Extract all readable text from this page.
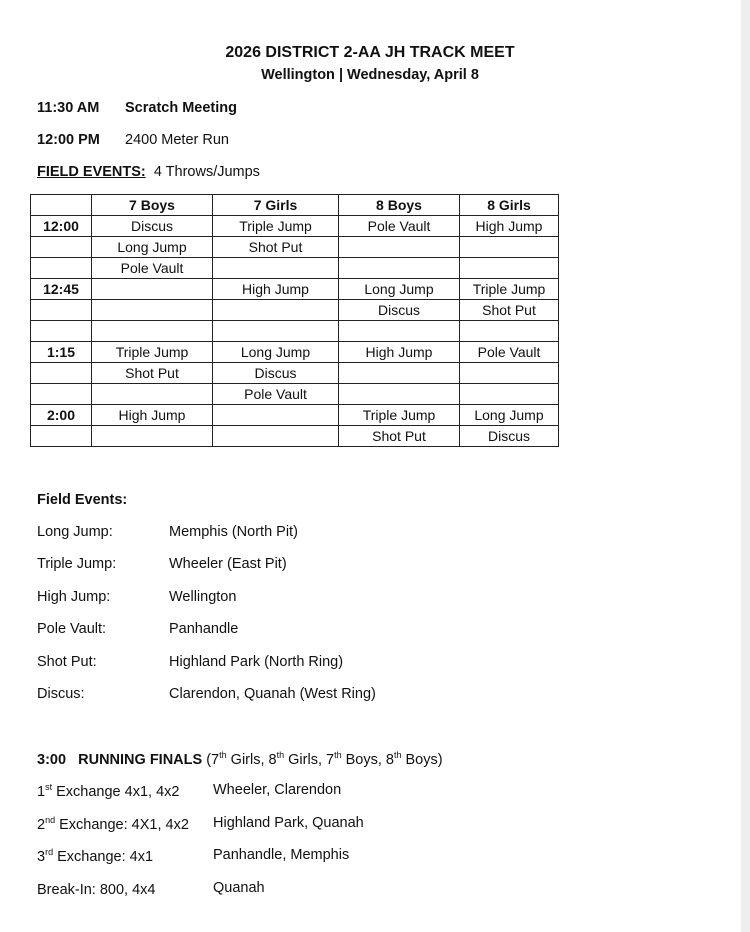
2026 DISTRICT 2-AA JH TRACK MEET
Wellington | Wednesday, April 8
11:30 AM Scratch Meeting
12:00 PM 2400 Meter Run
FIELD EVENTS: 4 Throws/Jumps
	7 Boys	7 Girls	8 Boys	8 Girls
12:00	Discus	Triple Jump	Pole Vault	High Jump
	Long Jump	Shot Put		
	Pole Vault			
12:45		High Jump	Long Jump	Triple Jump
			Discus	Shot Put

1:15	Triple Jump	Long Jump	High Jump	Pole Vault
	Shot Put	Discus		
		Pole Vault		
2:00	High Jump		Triple Jump	Long Jump
			Shot Put	Discus
Field Events:
Long Jump:	Memphis (North Pit)
Triple Jump:	Wheeler (East Pit)
High Jump:	Wellington
Pole Vault:	Panhandle
Shot Put:	Highland Park (North Ring)
Discus:	Clarendon, Quanah (West Ring)
3:00 RUNNING FINALS (7th Girls, 8th Girls, 7th Boys, 8th Boys)
1st Exchange 4x1, 4x2 Wheeler, Clarendon
2nd Exchange: 4X1, 4x2 Highland Park, Quanah
3rd Exchange: 4x1	Panhandle, Memphis
Break-In: 800, 4x4	Quanah
